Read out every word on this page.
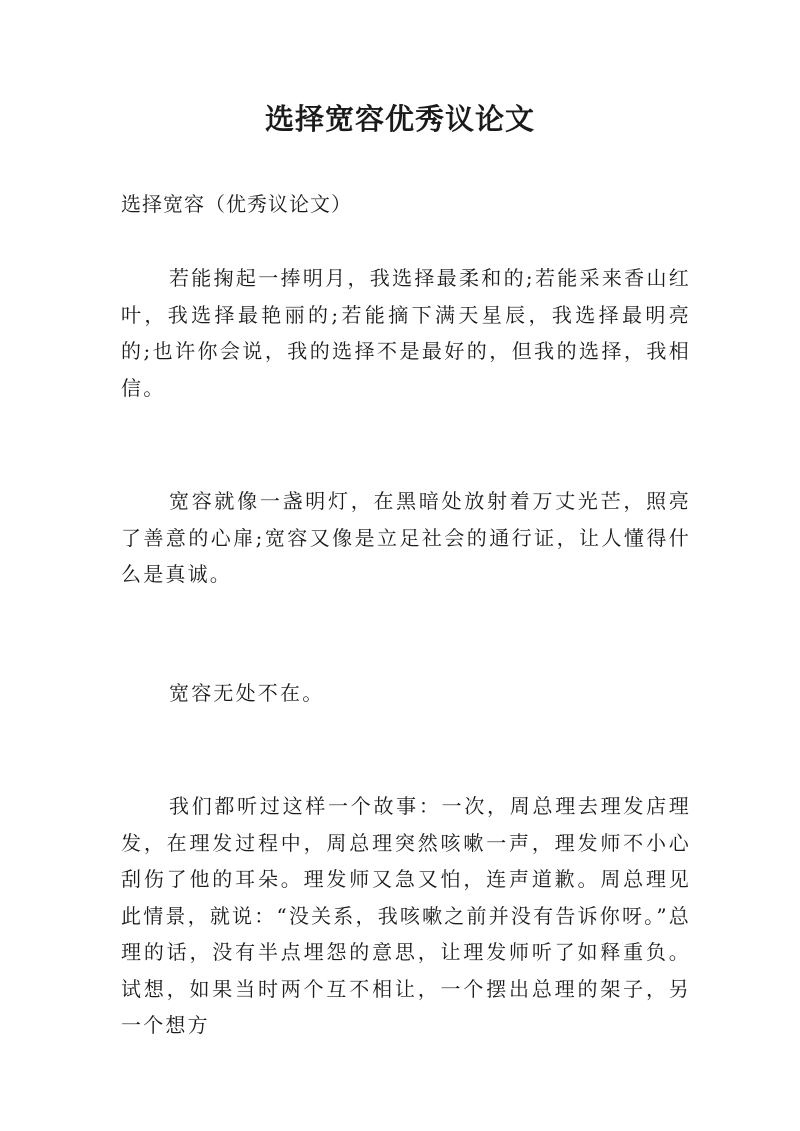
选择宽容优秀议论文
选择宽容（优秀议论文）

若能掬起一捧明月，我选择最柔和的;若能采来香山红叶，我选择最艳丽的;若能摘下满天星辰，我选择最明亮的;也许你会说，我的选择不是最好的，但我的选择，我相信。

宽容就像一盏明灯，在黑暗处放射着万丈光芒，照亮了善意的心扉;宽容又像是立足社会的通行证，让人懂得什么是真诚。

宽容无处不在。

我们都听过这样一个故事：一次，周总理去理发店理发，在理发过程中，周总理突然咳嗽一声，理发师不小心刮伤了他的耳朵。理发师又急又怕，连声道歉。周总理见此情景，就说：“没关系，我咳嗽之前并没有告诉你呀。”总理的话，没有半点埋怨的意思，让理发师听了如释重负。试想，如果当时两个互不相让，一个摆出总理的架子，另一个想方
